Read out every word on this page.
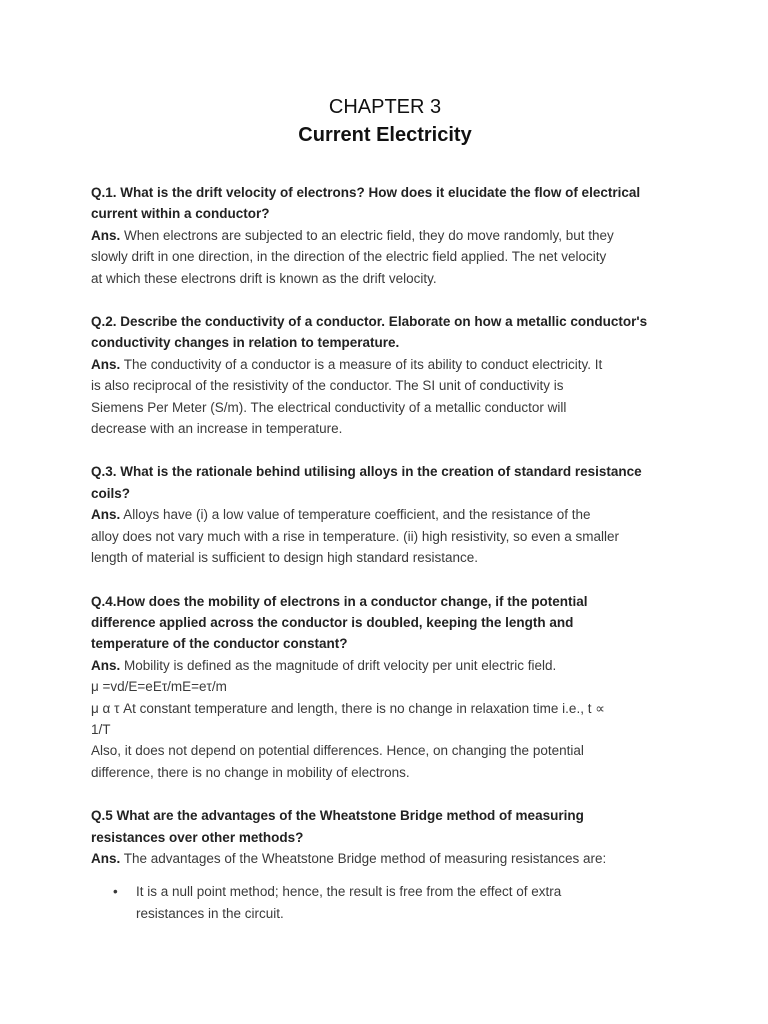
CHAPTER 3
Current Electricity
Q.1. What is the drift velocity of electrons? How does it elucidate the flow of electrical
current within a conductor?
Ans. When electrons are subjected to an electric field, they do move randomly, but they
slowly drift in one direction, in the direction of the electric field applied. The net velocity
at which these electrons drift is known as the drift velocity.
Q.2. Describe the conductivity of a conductor. Elaborate on how a metallic conductor's
conductivity changes in relation to temperature.
Ans. The conductivity of a conductor is a measure of its ability to conduct electricity. It
is also reciprocal of the resistivity of the conductor. The SI unit of conductivity is
Siemens Per Meter (S/m). The electrical conductivity of a metallic conductor will
decrease with an increase in temperature.
Q.3. What is the rationale behind utilising alloys in the creation of standard resistance
coils?
Ans. Alloys have (i) a low value of temperature coefficient, and the resistance of the
alloy does not vary much with a rise in temperature. (ii) high resistivity, so even a smaller
length of material is sufficient to design high standard resistance.
Q.4.How does the mobility of electrons in a conductor change, if the potential
difference applied across the conductor is doubled, keeping the length and
temperature of the conductor constant?
Ans. Mobility is defined as the magnitude of drift velocity per unit electric field.
μ =vd/E=eEτ/mE=eτ/m
μ α τ At constant temperature and length, there is no change in relaxation time i.e., t ∝
1/T
Also, it does not depend on potential differences. Hence, on changing the potential
difference, there is no change in mobility of electrons.
Q.5 What are the advantages of the Wheatstone Bridge method of measuring
resistances over other methods?
Ans. The advantages of the Wheatstone Bridge method of measuring resistances are:
• It is a null point method; hence, the result is free from the effect of extra
resistances in the circuit.
